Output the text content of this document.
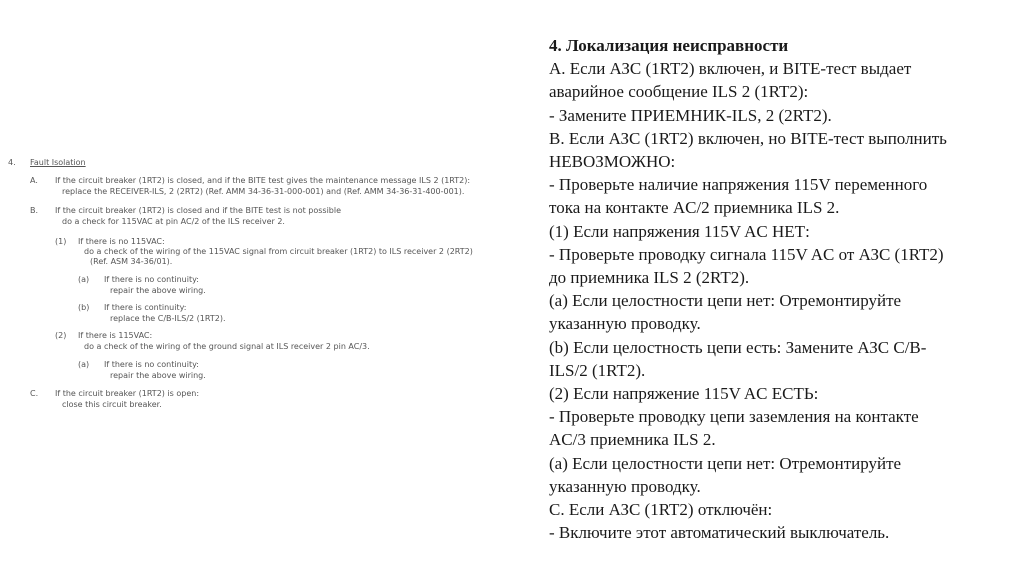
4. Fault Isolation
A. If the circuit breaker (1RT2) is closed, and if the BITE test gives the maintenance message ILS 2 (1RT2):
replace the RECEIVER-ILS, 2 (2RT2) (Ref. AMM 34-36-31-000-001) and (Ref. AMM 34-36-31-400-001).
B. If the circuit breaker (1RT2) is closed and if the BITE test is not possible
do a check for 115VAC at pin AC/2 of the ILS receiver 2.
(1) If there is no 115VAC:
do a check of the wiring of the 115VAC signal from circuit breaker (1RT2) to ILS receiver 2 (2RT2)
(Ref. ASM 34-36/01).
(a) If there is no continuity:
repair the above wiring.
(b) If there is continuity:
replace the C/B-ILS/2 (1RT2).
(2) If there is 115VAC:
do a check of the wiring of the ground signal at ILS receiver 2 pin AC/3.
(a) If there is no continuity:
repair the above wiring.
C. If the circuit breaker (1RT2) is open:
close this circuit breaker.
4. Локализация неисправности
А. Если АЗС (1RT2) включен, и BITE-тест выдает
аварийное сообщение ILS 2 (1RT2):
- Замените ПРИЕМНИК-ILS, 2 (2RT2).
В. Если АЗС (1RT2) включен, но BITE-тест выполнить
НЕВОЗМОЖНО:
- Проверьте наличие напряжения 115V переменного
тока на контакте AC/2 приемника ILS 2.
(1) Если напряжения 115V AC НЕТ:
- Проверьте проводку сигнала 115V AC от АЗС (1RT2)
до приемника ILS 2 (2RT2).
(a) Если целостности цепи нет: Отремонтируйте
указанную проводку.
(b) Если целостность цепи есть: Замените АЗС C/B-
ILS/2 (1RT2).
(2) Если напряжение 115V AC ЕСТЬ:
- Проверьте проводку цепи заземления на контакте
AC/3 приемника ILS 2.
(a) Если целостности цепи нет: Отремонтируйте
указанную проводку.
С. Если АЗС (1RT2) отключён:
- Включите этот автоматический выключатель.
